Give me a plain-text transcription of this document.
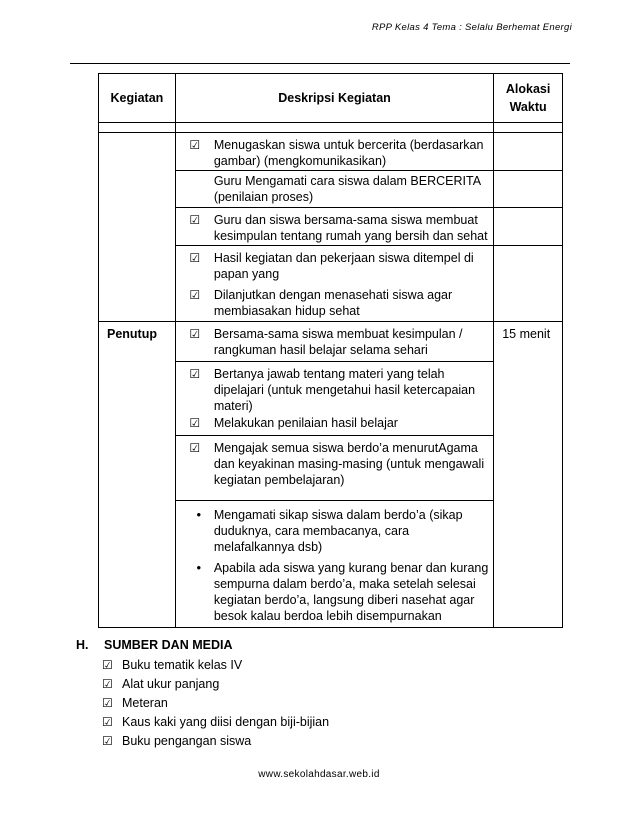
RPP Kelas 4 Tema : Selalu Berhemat Energi
Kegiatan	Deskripsi Kegiatan	Alokasi
Waktu

	☑ Menugaskan siswa untuk bercerita (berdasarkan gambar) (mengkomunikasikan)	

	Guru Mengamati cara siswa dalam BERCERITA (penilaian proses)	

	☑ Guru dan siswa bersama-sama siswa membuat kesimpulan tentang rumah yang bersih dan sehat	

	☑ Hasil kegiatan dan pekerjaan siswa ditempel di papan yang
☑ Dilanjutkan dengan menasehati siswa agar membiasakan hidup sehat	

Penutup	☑ Bersama-sama siswa membuat kesimpulan / rangkuman hasil belajar selama sehari	15 menit

	☑ Bertanya jawab tentang materi yang telah dipelajari (untuk mengetahui hasil ketercapaian materi)
☑ Melakukan penilaian hasil belajar	

	☑ Mengajak semua siswa berdo’a menurutAgama dan keyakinan masing-masing (untuk mengawali kegiatan pembelajaran)	

	• Mengamati sikap siswa dalam berdo’a (sikap duduknya, cara membacanya, cara melafalkannya dsb)
• Apabila ada siswa yang kurang benar dan kurang sempurna dalam berdo’a, maka setelah selesai kegiatan berdo’a, langsung diberi nasehat agar besok kalau berdoa lebih disempurnakan	
H.	SUMBER DAN MEDIA
☑ Buku tematik kelas IV
☑ Alat ukur panjang
☑ Meteran
☑ Kaus kaki yang diisi dengan biji-bijian
☑ Buku pengangan siswa
www.sekolahdasar.web.id
